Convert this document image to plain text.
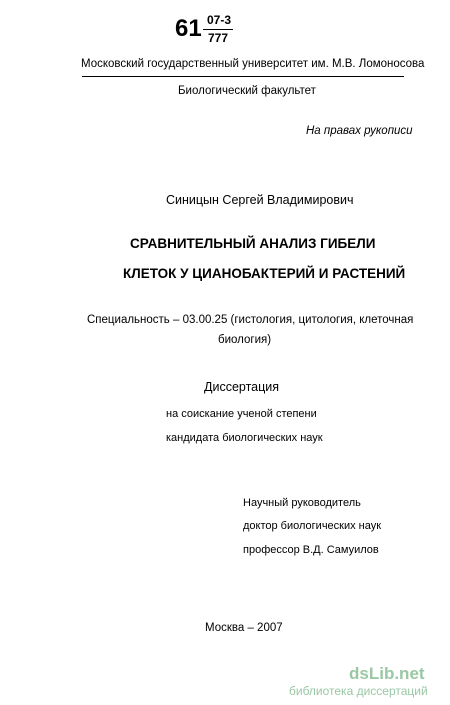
61 07-3
777
Московский государственный университет им. М.В. Ломоносова
Биологический факультет
На правах рукописи
Синицын Сергей Владимирович
СРАВНИТЕЛЬНЫЙ АНАЛИЗ ГИБЕЛИ
КЛЕТОК У ЦИАНОБАКТЕРИЙ И РАСТЕНИЙ
Специальность – 03.00.25 (гистология, цитология, клеточная
биология)
Диссертация
на соискание ученой степени
кандидата биологических наук
Научный руководитель
доктор биологических наук
профессор В.Д. Самуилов
Москва – 2007
dsLib.net
библиотека диссертаций
